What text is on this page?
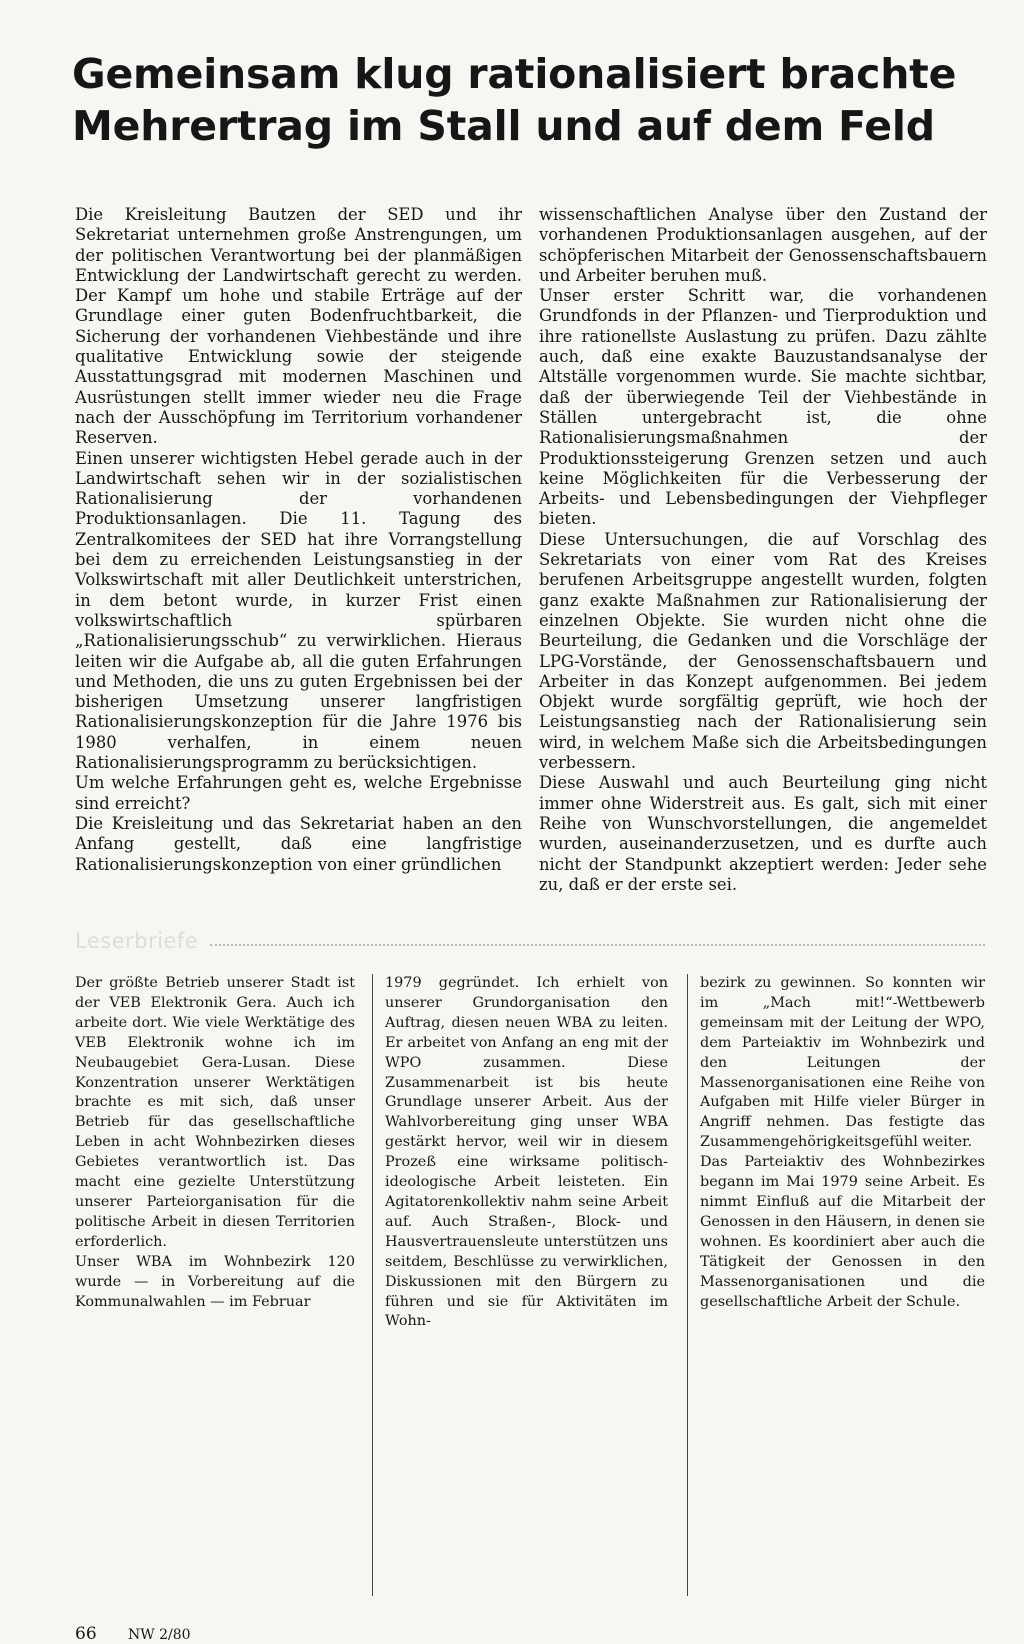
Gemeinsam klug rationalisiert brachte
Mehrertrag im Stall und auf dem Feld

Die Kreisleitung Bautzen der SED und ihr Sekretariat unternehmen große Anstrengungen, um der politischen Verantwortung bei der planmäßigen Entwicklung der Landwirtschaft gerecht zu werden. Der Kampf um hohe und stabile Erträge auf der Grundlage einer guten Bodenfruchtbarkeit, die Sicherung der vorhandenen Viehbestände und ihre qualitative Entwicklung sowie der steigende Ausstattungsgrad mit modernen Maschinen und Ausrüstungen stellt immer wieder neu die Frage nach der Ausschöpfung im Territorium vorhandener Reserven.

Einen unserer wichtigsten Hebel gerade auch in der Landwirtschaft sehen wir in der sozialistischen Rationalisierung der vorhandenen Produktionsanlagen. Die 11. Tagung des Zentralkomitees der SED hat ihre Vorrangstellung bei dem zu erreichenden Leistungsanstieg in der Volkswirtschaft mit aller Deutlichkeit unterstrichen, in dem betont wurde, in kurzer Frist einen volkswirtschaftlich spürbaren „Rationalisierungsschub“ zu verwirklichen. Hieraus leiten wir die Aufgabe ab, all die guten Erfahrungen und Methoden, die uns zu guten Ergebnissen bei der bisherigen Umsetzung unserer langfristigen Rationalisierungskonzeption für die Jahre 1976 bis 1980 verhalfen, in einem neuen Rationalisierungsprogramm zu berücksichtigen.

Um welche Erfahrungen geht es, welche Ergebnisse sind erreicht?

Die Kreisleitung und das Sekretariat haben an den Anfang gestellt, daß eine langfristige Rationalisierungskonzeption von einer gründlichen

wissenschaftlichen Analyse über den Zustand der vorhandenen Produktionsanlagen ausgehen, auf der schöpferischen Mitarbeit der Genossenschaftsbauern und Arbeiter beruhen muß.

Unser erster Schritt war, die vorhandenen Grundfonds in der Pflanzen- und Tierproduktion und ihre rationellste Auslastung zu prüfen. Dazu zählte auch, daß eine exakte Bauzustandsanalyse der Altställe vorgenommen wurde. Sie machte sichtbar, daß der überwiegende Teil der Viehbestände in Ställen untergebracht ist, die ohne Rationalisierungsmaßnahmen der Produktionssteigerung Grenzen setzen und auch keine Möglichkeiten für die Verbesserung der Arbeits- und Lebensbedingungen der Viehpfleger bieten.

Diese Untersuchungen, die auf Vorschlag des Sekretariats von einer vom Rat des Kreises berufenen Arbeitsgruppe angestellt wurden, folgten ganz exakte Maßnahmen zur Rationalisierung der einzelnen Objekte. Sie wurden nicht ohne die Beurteilung, die Gedanken und die Vorschläge der LPG-Vorstände, der Genossenschaftsbauern und Arbeiter in das Konzept aufgenommen. Bei jedem Objekt wurde sorgfältig geprüft, wie hoch der Leistungsanstieg nach der Rationalisierung sein wird, in welchem Maße sich die Arbeitsbedingungen verbessern.

Diese Auswahl und auch Beurteilung ging nicht immer ohne Widerstreit aus. Es galt, sich mit einer Reihe von Wunschvorstellungen, die angemeldet wurden, auseinanderzusetzen, und es durfte auch nicht der Standpunkt akzeptiert werden: Jeder sehe zu, daß er der erste sei.

Leserbriefe

Der größte Betrieb unserer Stadt ist der VEB Elektronik Gera. Auch ich arbeite dort. Wie viele Werktätige des VEB Elektronik wohne ich im Neubaugebiet Gera-Lusan. Diese Konzentration unserer Werktätigen brachte es mit sich, daß unser Betrieb für das gesellschaftliche Leben in acht Wohnbezirken dieses Gebietes verantwortlich ist. Das macht eine gezielte Unterstützung unserer Parteiorganisation für die politische Arbeit in diesen Territorien erforderlich.

Unser WBA im Wohnbezirk 120 wurde — in Vorbereitung auf die Kommunalwahlen — im Februar

1979 gegründet. Ich erhielt von unserer Grundorganisation den Auftrag, diesen neuen WBA zu leiten. Er arbeitet von Anfang an eng mit der WPO zusammen. Diese Zusammenarbeit ist bis heute Grundlage unserer Arbeit. Aus der Wahlvorbereitung ging unser WBA gestärkt hervor, weil wir in diesem Prozeß eine wirksame politisch-ideologische Arbeit leisteten. Ein Agitatorenkollektiv nahm seine Arbeit auf. Auch Straßen-, Block- und Hausvertrauensleute unterstützen uns seitdem, Beschlüsse zu verwirklichen, Diskussionen mit den Bürgern zu führen und sie für Aktivitäten im Wohn-

bezirk zu gewinnen. So konnten wir im „Mach mit!“-Wettbewerb gemeinsam mit der Leitung der WPO, dem Parteiaktiv im Wohnbezirk und den Leitungen der Massenorganisationen eine Reihe von Aufgaben mit Hilfe vieler Bürger in Angriff nehmen. Das festigte das Zusammengehörigkeitsgefühl weiter.

Das Parteiaktiv des Wohnbezirkes begann im Mai 1979 seine Arbeit. Es nimmt Einfluß auf die Mitarbeit der Genossen in den Häusern, in denen sie wohnen. Es koordiniert aber auch die Tätigkeit der Genossen in den Massenorganisationen und die gesellschaftliche Arbeit der Schule.

66 NW 2/80
